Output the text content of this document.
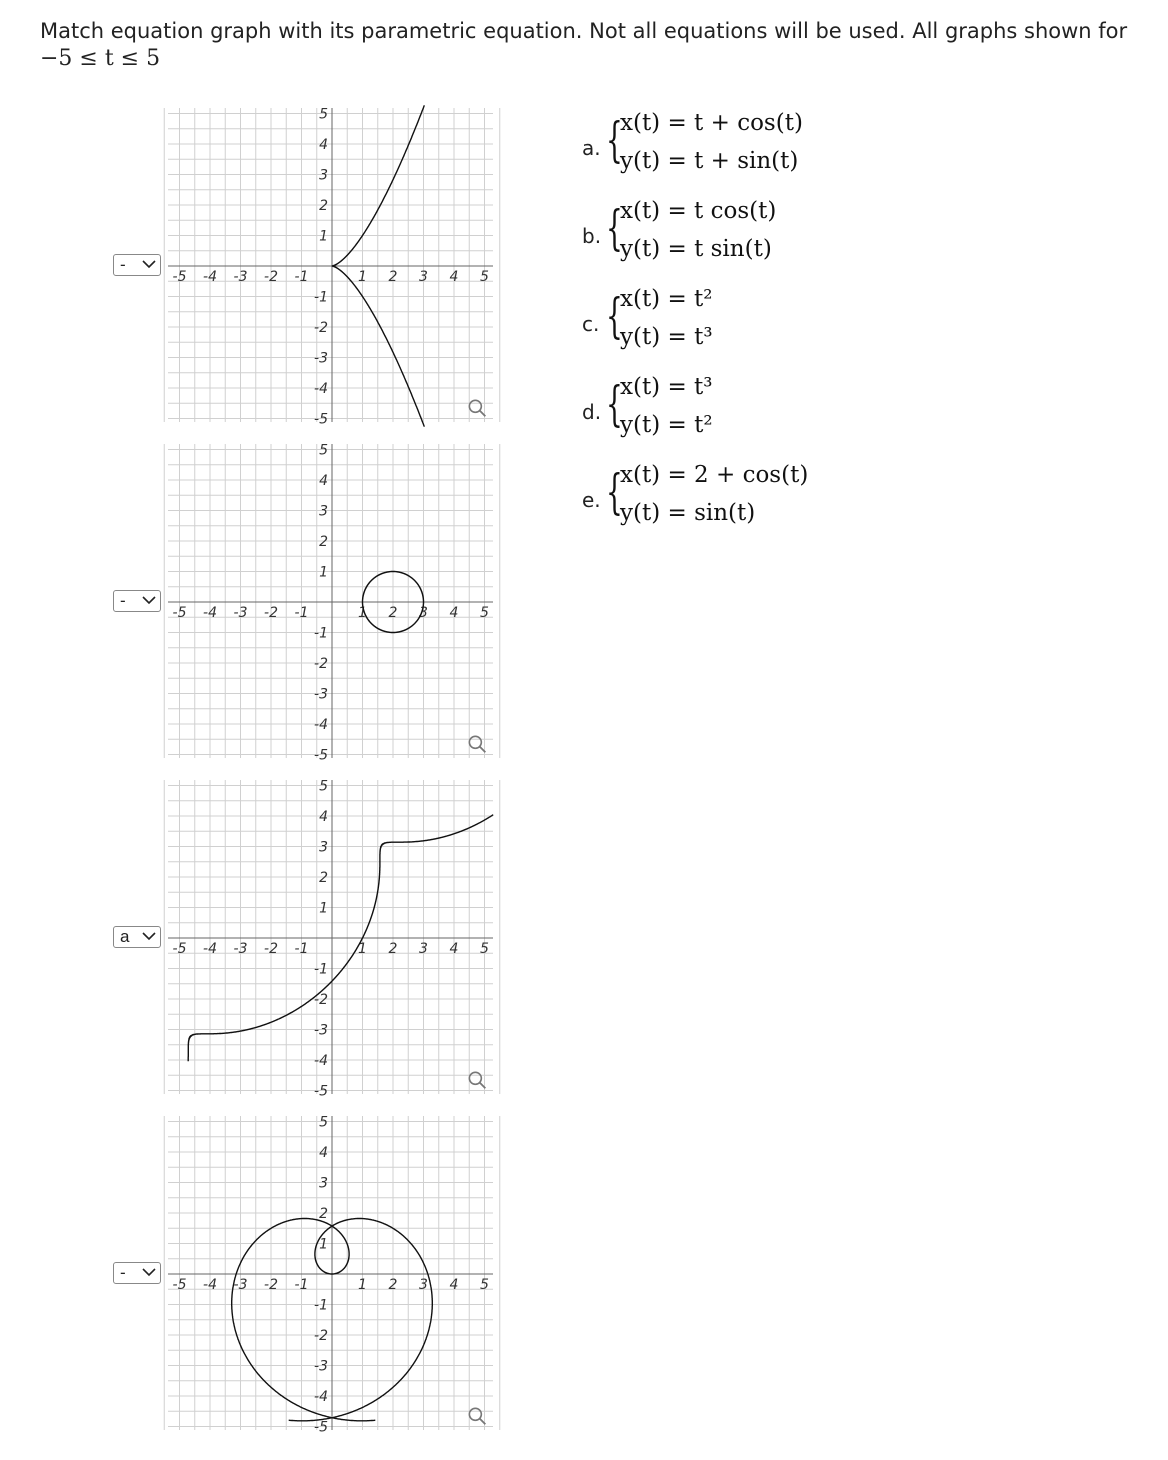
Match equation graph with its parametric equation. Not all equations will be used. All graphs shown for
−5 ≤ t ≤ 5
-
-
a
-
-5 -4 -3 -2 -1	1 2 3 4 5
5
4
3
2
1
-1
-2
-3
-4
-5
-5 -4 -3 -2 -1	1 2 3 4 5
5
4
3
2
1
-1
-2
-3
-4
-5
-5 -4 -3 -2 -1	1 2 3 4 5
5
4
3
2
1
-1
-2
-3
-4
-5
-5 -4 -3 -2 -1	1 2 3 4 5
5
4
3
2
1
-1
-2
-3
-4
-5
a. {
x(t) = t + cos(t)
y(t) = t + sin(t)
b. {
x(t) = t cos(t)
y(t) = t sin(t)
c. {
x(t) = t²
y(t) = t³
d. {
x(t) = t³
y(t) = t²
e. {
x(t) = 2 + cos(t)
y(t) = sin(t)
